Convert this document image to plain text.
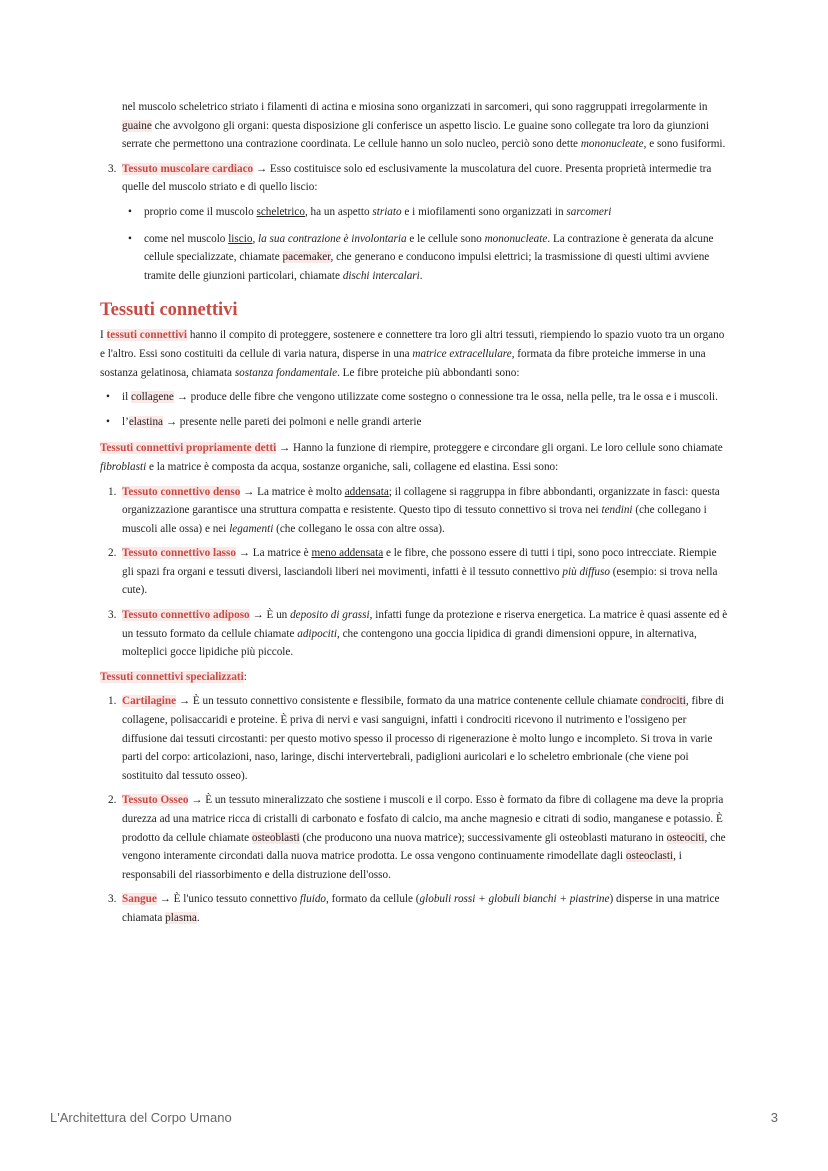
nel muscolo scheletrico striato i filamenti di actina e miosina sono organizzati in sarcomeri, qui sono raggruppati irregolarmente in guaine che avvolgono gli organi: questa disposizione gli conferisce un aspetto liscio. Le guaine sono collegate tra loro da giunzioni serrate che permettono una contrazione coordinata. Le cellule hanno un solo nucleo, perciò sono dette mononucleate, e sono fusiformi.

3. Tessuto muscolare cardiaco → Esso costituisce solo ed esclusivamente la muscolatura del cuore. Presenta proprietà intermedie tra quelle del muscolo striato e di quello liscio:
• proprio come il muscolo scheletrico, ha un aspetto striato e i miofilamenti sono organizzati in sarcomeri
• come nel muscolo liscio, la sua contrazione è involontaria e le cellule sono mononucleate. La contrazione è generata da alcune cellule specializzate, chiamate pacemaker, che generano e conducono impulsi elettrici; la trasmissione di questi ultimi avviene tramite delle giunzioni particolari, chiamate dischi intercalari.
Tessuti connettivi

I tessuti connettivi hanno il compito di proteggere, sostenere e connettere tra loro gli altri tessuti, riempiendo lo spazio vuoto tra un organo e l'altro. Essi sono costituiti da cellule di varia natura, disperse in una matrice extracellulare, formata da fibre proteiche immerse in una sostanza gelatinosa, chiamata sostanza fondamentale. Le fibre proteiche più abbondanti sono:

• il collagene → produce delle fibre che vengono utilizzate come sostegno o connessione tra le ossa, nella pelle, tra le ossa e i muscoli.
• l’elastina → presente nelle pareti dei polmoni e nelle grandi arterie

Tessuti connettivi propriamente detti → Hanno la funzione di riempire, proteggere e circondare gli organi. Le loro cellule sono chiamate fibroblasti e la matrice è composta da acqua, sostanze organiche, sali, collagene ed elastina. Essi sono:

1. Tessuto connettivo denso → La matrice è molto addensata; il collagene si raggruppa in fibre abbondanti, organizzate in fasci: questa organizzazione garantisce una struttura compatta e resistente. Questo tipo di tessuto connettivo si trova nei tendini (che collegano i muscoli alle ossa) e nei legamenti (che collegano le ossa con altre ossa).
2. Tessuto connettivo lasso → La matrice è meno addensata e le fibre, che possono essere di tutti i tipi, sono poco intrecciate. Riempie gli spazi fra organi e tessuti diversi, lasciandoli liberi nei movimenti, infatti è il tessuto connettivo più diffuso (esempio: si trova nella cute).
3. Tessuto connettivo adiposo → È un deposito di grassi, infatti funge da protezione e riserva energetica. La matrice è quasi assente ed è un tessuto formato da cellule chiamate adipociti, che contengono una goccia lipidica di grandi dimensioni oppure, in alternativa, molteplici gocce lipidiche più piccole.

Tessuti connettivi specializzati:

1. Cartilagine → È un tessuto connettivo consistente e flessibile, formato da una matrice contenente cellule chiamate condrociti, fibre di collagene, polisaccaridi e proteine. È priva di nervi e vasi sanguigni, infatti i condrociti ricevono il nutrimento e l'ossigeno per diffusione dai tessuti circostanti: per questo motivo spesso il processo di rigenerazione è molto lungo e incompleto. Si trova in varie parti del corpo: articolazioni, naso, laringe, dischi intervertebrali, padiglioni auricolari e lo scheletro embrionale (che viene poi sostituito dal tessuto osseo).
2. Tessuto Osseo → È un tessuto mineralizzato che sostiene i muscoli e il corpo. Esso è formato da fibre di collagene ma deve la propria durezza ad una matrice ricca di cristalli di carbonato e fosfato di calcio, ma anche magnesio e citrati di sodio, manganese e potassio. È prodotto da cellule chiamate osteoblasti (che producono una nuova matrice); successivamente gli osteoblasti maturano in osteociti, che vengono interamente circondati dalla nuova matrice prodotta. Le ossa vengono continuamente rimodellate dagli osteoclasti, i responsabili del riassorbimento e della distruzione dell'osso.
3. Sangue → È l'unico tessuto connettivo fluido, formato da cellule (globuli rossi + globuli bianchi + piastrine) disperse in una matrice chiamata plasma.
L'Architettura del Corpo Umano	3
